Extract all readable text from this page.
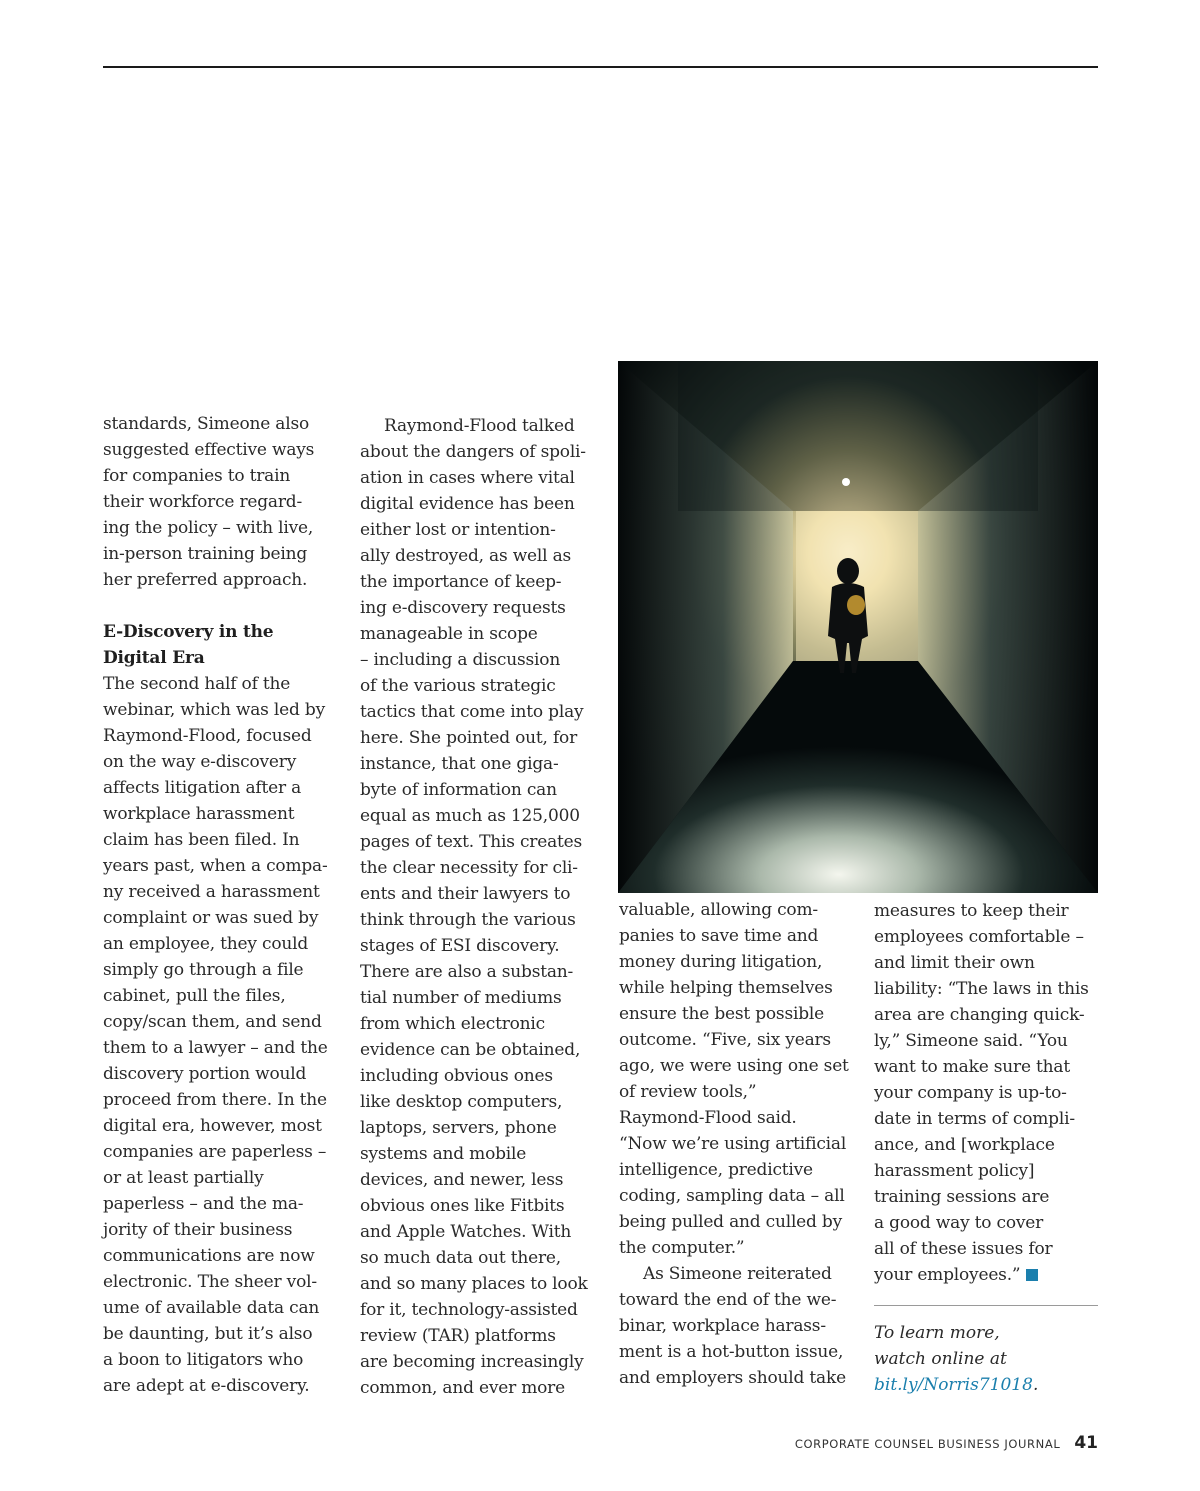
standards, Simeone also
suggested effective ways
for companies to train
their workforce regard-
ing the policy – with live,
in-person training being
her preferred approach.
E-Discovery in the
Digital Era
The second half of the
webinar, which was led by
Raymond-Flood, focused
on the way e-discovery
affects litigation after a
workplace harassment
claim has been filed. In
years past, when a compa-
ny received a harassment
complaint or was sued by
an employee, they could
simply go through a file
cabinet, pull the files,
copy/scan them, and send
them to a lawyer – and the
discovery portion would
proceed from there. In the
digital era, however, most
companies are paperless –
or at least partially
paperless – and the ma-
jority of their business
communications are now
electronic. The sheer vol-
ume of available data can
be daunting, but it’s also
a boon to litigators who
are adept at e-discovery.
Raymond-Flood talked
about the dangers of spoli-
ation in cases where vital
digital evidence has been
either lost or intention-
ally destroyed, as well as
the importance of keep-
ing e-discovery requests
manageable in scope
– including a discussion
of the various strategic
tactics that come into play
here. She pointed out, for
instance, that one giga-
byte of information can
equal as much as 125,000
pages of text. This creates
the clear necessity for cli-
ents and their lawyers to
think through the various
stages of ESI discovery.
There are also a substan-
tial number of mediums
from which electronic
evidence can be obtained,
including obvious ones
like desktop computers,
laptops, servers, phone
systems and mobile
devices, and newer, less
obvious ones like Fitbits
and Apple Watches. With
so much data out there,
and so many places to look
for it, technology-assisted
review (TAR) platforms
are becoming increasingly
common, and ever more
valuable, allowing com-
panies to save time and
money during litigation,
while helping themselves
ensure the best possible
outcome. “Five, six years
ago, we were using one set
of review tools,”
Raymond-Flood said.
“Now we’re using artificial
intelligence, predictive
coding, sampling data – all
being pulled and culled by
the computer.”
As Simeone reiterated
toward the end of the we-
binar, workplace harass-
ment is a hot-button issue,
and employers should take
measures to keep their
employees comfortable –
and limit their own
liability: “The laws in this
area are changing quick-
ly,” Simeone said. “You
want to make sure that
your company is up-to-
date in terms of compli-
ance, and [workplace
harassment policy]
training sessions are
a good way to cover
all of these issues for
your employees.”
To learn more,
watch online at
bit.ly/Norris71018.
CORPORATE COUNSEL BUSINESS JOURNAL 41
